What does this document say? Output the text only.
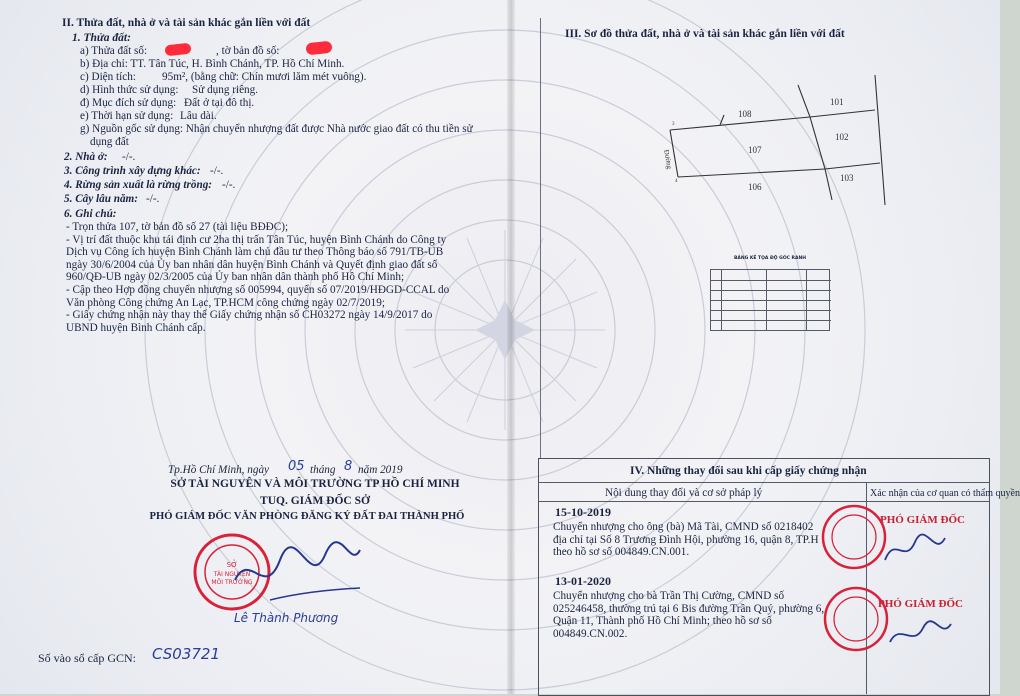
II. Thửa đất, nhà ở và tài sản khác gắn liền với đất
1. Thửa đất:
a) Thửa đất số:	, tờ bản đồ số:
b) Địa chỉ: TT. Tân Túc, H. Bình Chánh, TP. Hồ Chí Minh.
c) Diện tích: 95m², (bằng chữ: Chín mươi lăm mét vuông).
d) Hình thức sử dụng: Sử dụng riêng.
đ) Mục đích sử dụng: Đất ở tại đô thị.
e) Thời hạn sử dụng: Lâu dài.
g) Nguồn gốc sử dụng: Nhận chuyển nhượng đất được Nhà nước giao đất có thu tiền sử
dụng đất
2. Nhà ở: -/-.
3. Công trình xây dựng khác: -/-.
4. Rừng sản xuất là rừng trồng: -/-.
5. Cây lâu năm: -/-.
6. Ghi chú:
- Trọn thửa 107, tờ bản đồ số 27 (tài liệu BĐĐC);
- Vị trí đất thuộc khu tái định cư 2ha thị trấn Tân Túc, huyện Bình Chánh do Công ty
Dịch vụ Công ích huyện Bình Chánh làm chủ đầu tư theo Thông báo số 791/TB-UB
ngày 30/6/2004 của Ủy ban nhân dân huyện Bình Chánh và Quyết định giao đất số
960/QĐ-UB ngày 02/3/2005 của Ủy ban nhân dân thành phố Hồ Chí Minh;
- Cập theo Hợp đồng chuyển nhượng số 005994, quyển số 07/2019/HĐGD-CCAL do
Văn phòng Công chứng An Lạc, TP.HCM công chứng ngày 02/7/2019;
- Giấy chứng nhận này thay thế Giấy chứng nhận số CH03272 ngày 14/9/2017 do
UBND huyện Bình Chánh cấp.
Tp.Hồ Chí Minh, ngày 05 tháng 8 năm 2019
SỞ TÀI NGUYÊN VÀ MÔI TRƯỜNG TP HỒ CHÍ MINH
TUQ. GIÁM ĐỐC SỞ
PHÓ GIÁM ĐỐC VĂN PHÒNG ĐĂNG KÝ ĐẤT ĐAI THÀNH PHỐ
SỞ
TÀI NGUYÊN
MÔI TRƯỜNG
Lê Thành Phương
Số vào sổ cấp GCN: CS03721
III. Sơ đồ thửa đất, nhà ở và tài sản khác gắn liền với đất
108
101
107
102
106
103
Đường
3
4
BẢNG KÊ TỌA ĐỘ GÓC RANH
IV. Những thay đổi sau khi cấp giấy chứng nhận
Nội dung thay đổi và cơ sở pháp lý	Xác nhận của cơ quan có thẩm quyền
15-10-2019
Chuyển nhượng cho ông (bà) Mã Tài, CMND số 0218402
địa chỉ tại Số 8 Trương Đình Hội, phường 16, quận 8, TP.H
theo hồ sơ số 004849.CN.001.
PHÓ GIÁM ĐỐC
13-01-2020
Chuyển nhượng cho bà Trần Thị Cường, CMND số
025246458, thường trú tại 6 Bis đường Trần Quý, phường 6,
Quận 11, Thành phố Hồ Chí Minh; theo hồ sơ số
004849.CN.002.
PHÓ GIÁM ĐỐC
